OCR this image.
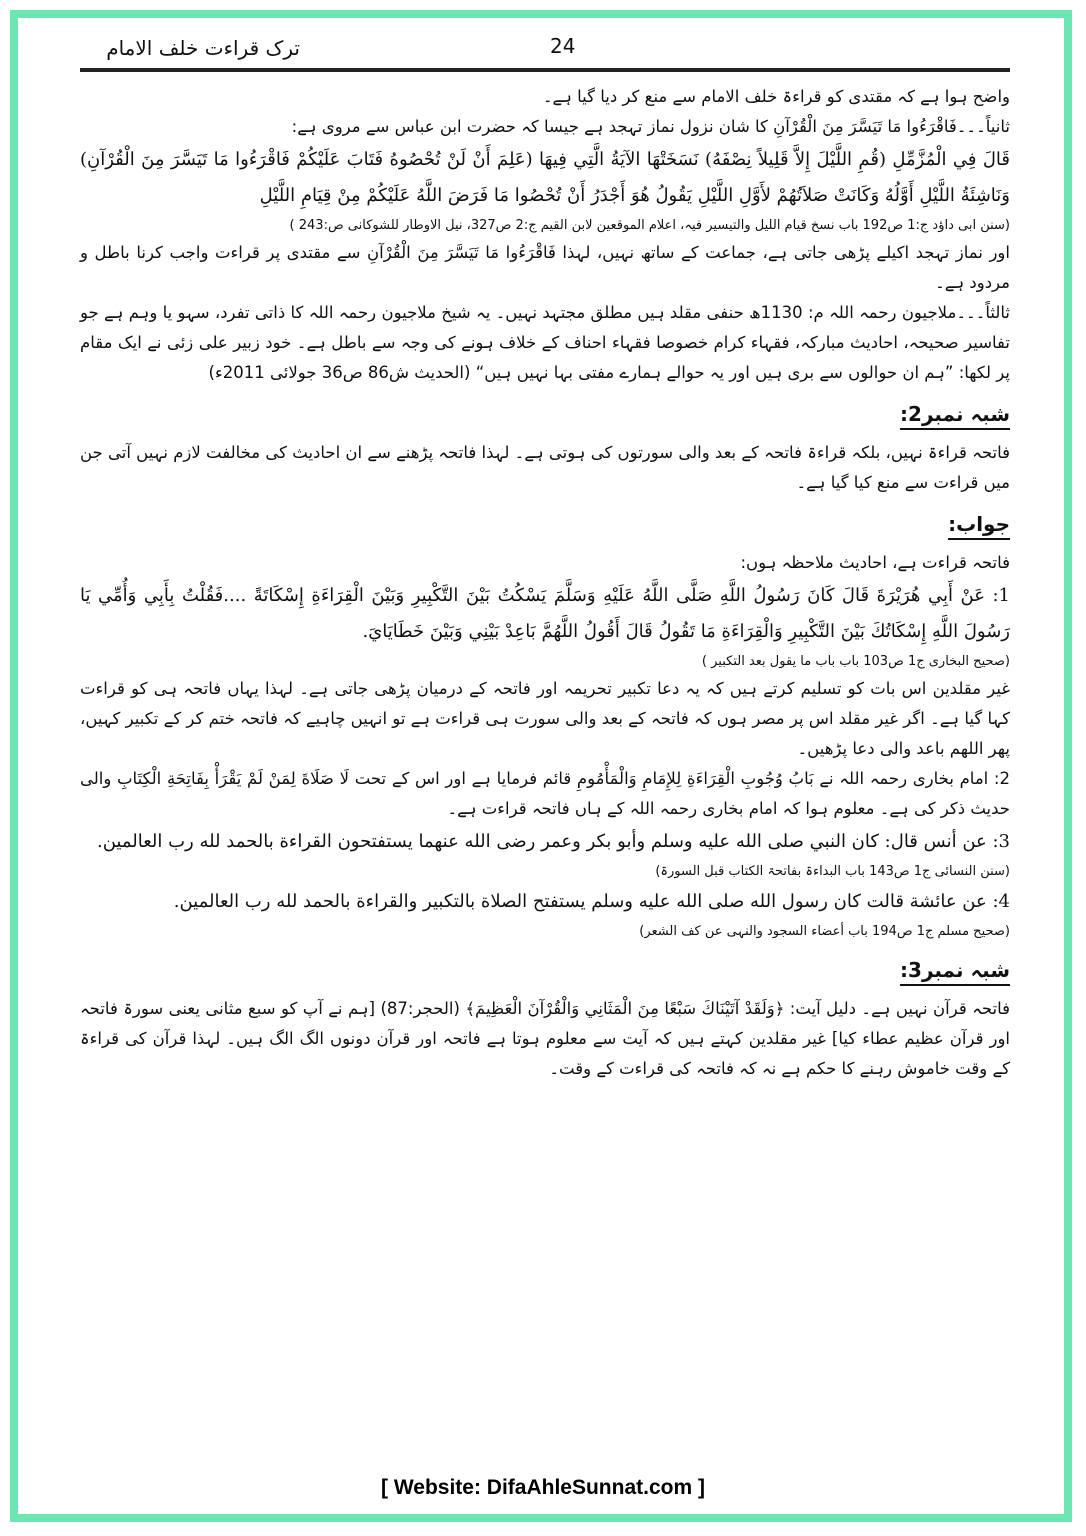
ترک قراءت خلف الامام	24

واضح ہوا ہے کہ مقتدی کو قراءۃ خلف الامام سے منع کر دیا گیا ہے۔

ثانیاً۔۔۔فَاقْرَءُوا مَا تَيَسَّرَ مِنَ الْقُرْآنِ کا شان نزول نماز تہجد ہے جیسا کہ حضرت ابن عباس سے مروی ہے:

قَالَ فِي الْمُزَّمِّلِ (قُمِ اللَّيْلَ إِلاَّ قَلِيلاً نِصْفَهُ) نَسَخَتْهَا الآيَةُ الَّتِي فِيهَا (عَلِمَ أَنْ لَنْ تُحْصُوهُ فَتَابَ عَلَيْكُمْ فَاقْرَءُوا مَا تَيَسَّرَ مِنَ الْقُرْآنِ) وَنَاشِئَةُ اللَّيْلِ أَوَّلُهُ وَكَانَتْ صَلاَتُهُمْ لأَوَّلِ اللَّيْلِ يَقُولُ هُوَ أَجْدَرُ أَنْ تُحْصُوا مَا فَرَضَ اللَّهُ عَلَيْكُمْ مِنْ قِيَامِ اللَّيْلِ

(سنن ابی داؤد ج:1 ص192 باب نسخ قیام اللیل والتیسیر فیہ، اعلام الموقعین لابن القیم ج:2 ص327، نیل الاوطار للشوکانی ص:243 )

اور نماز تہجد اکیلے پڑھی جاتی ہے، جماعت کے ساتھ نہیں، لہذا فَاقْرَءُوا مَا تَيَسَّرَ مِنَ الْقُرْآنِ سے مقتدی پر قراءت واجب کرنا باطل و مردود ہے۔

ثالثاً۔۔۔ملاجیون رحمہ اللہ م: 1130ھ حنفی مقلد ہیں مطلق مجتہد نہیں۔ یہ شیخ ملاجیون رحمہ اللہ کا ذاتی تفرد، سہو یا وہم ہے جو تفاسیر صحیحہ، احادیث مبارکہ، فقہاء کرام خصوصا فقہاء احناف کے خلاف ہونے کی وجہ سے باطل ہے۔ خود زبیر علی زئی نے ایک مقام پر لکھا: ”ہم ان حوالوں سے بری ہیں اور یہ حوالے ہمارے مفتی بہا نہیں ہیں“ (الحدیث ش86 ص36 جولائی 2011ء)

شبہ نمبر2:

فاتحہ قراءۃ نہیں، بلکہ قراءۃ فاتحہ کے بعد والی سورتوں کی ہوتی ہے۔ لہذا فاتحہ پڑھنے سے ان احادیث کی مخالفت لازم نہیں آتی جن میں قراءت سے منع کیا گیا ہے۔

جواب:

فاتحہ قراءت ہے، احادیث ملاحظہ ہوں:

1: عَنْ أَبِي هُرَيْرَةَ قَالَ كَانَ رَسُولُ اللَّهِ صَلَّى اللَّهُ عَلَيْهِ وَسَلَّمَ يَسْكُتُ بَيْنَ التَّكْبِيرِ وَبَيْنَ الْقِرَاءَةِ إِسْكَاتَةً ....فَقُلْتُ بِأَبِي وَأُمِّي يَا رَسُولَ اللَّهِ إِسْكَاتُكَ بَيْنَ التَّكْبِيرِ وَالْقِرَاءَةِ مَا تَقُولُ قَالَ أَقُولُ اللَّهُمَّ بَاعِدْ بَيْنِي وَبَيْنَ خَطَايَايَ.

(صحیح البخاری ج1 ص103 باب باب ما یقول بعد التکبیر )

غیر مقلدین اس بات کو تسلیم کرتے ہیں کہ یہ دعا تکبیر تحریمہ اور فاتحہ کے درمیان پڑھی جاتی ہے۔ لہذا یہاں فاتحہ ہی کو قراءت کہا گیا ہے۔ اگر غیر مقلد اس پر مصر ہوں کہ فاتحہ کے بعد والی سورت ہی قراءت ہے تو انہیں چاہیے کہ فاتحہ ختم کر کے تکبیر کہیں، پھر اللھم باعد والی دعا پڑھیں۔

2: امام بخاری رحمہ اللہ نے بَابُ وُجُوبِ الْقِرَاءَةِ لِلإِمَامِ وَالْمَأْمُومِ قائم فرمایا ہے اور اس کے تحت لَا صَلَاةَ لِمَنْ لَمْ يَقْرَأْ بِفَاتِحَةِ الْكِتَابِ والی حدیث ذکر کی ہے۔ معلوم ہوا کہ امام بخاری رحمہ اللہ کے ہاں فاتحہ قراءت ہے۔

3: عن أنس قال: كان النبي صلى الله عليه وسلم وأبو بكر وعمر رضى الله عنهما يستفتحون القراءة بالحمد لله رب العالمين.

(سنن النسائی ج1 ص143 باب البداءۃ بفاتحۃ الکتاب قبل السورۃ)

4: عن عائشة قالت كان رسول الله صلى الله عليه وسلم يستفتح الصلاة بالتكبير والقراءة بالحمد لله رب العالمين.

(صحیح مسلم ج1 ص194 باب أعضاء السجود والنہی عن کف الشعر)

شبہ نمبر3:

فاتحہ قرآن نہیں ہے۔ دلیل آیت: ﴿وَلَقَدْ آتَيْنَاكَ سَبْعًا مِنَ الْمَثَانِي وَالْقُرْآنَ الْعَظِيمَ﴾ (الحجر:87) [ہم نے آپ کو سبع مثانی یعنی سورۃ فاتحہ اور قرآن عظیم عطاء کیا] غیر مقلدین کہتے ہیں کہ آیت سے معلوم ہوتا ہے فاتحہ اور قرآن دونوں الگ الگ ہیں۔ لہذا قرآن کی قراءۃ کے وقت خاموش رہنے کا حکم ہے نہ کہ فاتحہ کی قراءت کے وقت۔

[ Website: DifaAhleSunnat.com ]
